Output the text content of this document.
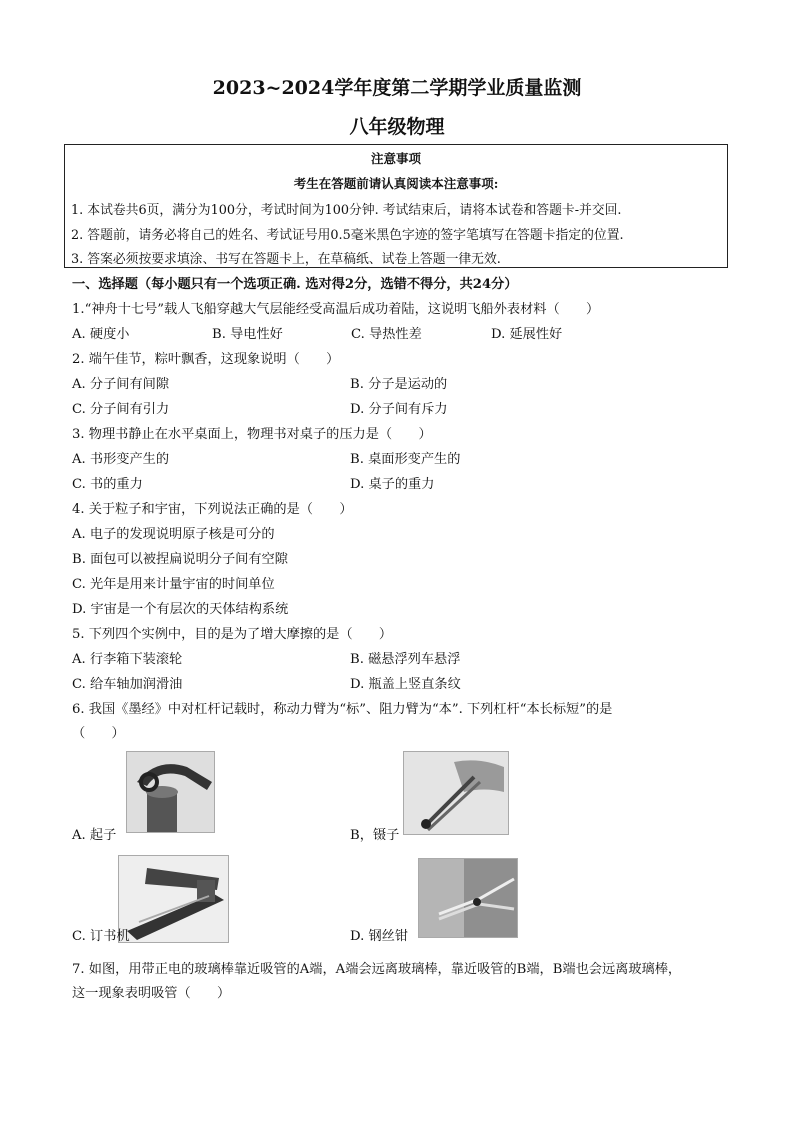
2023~2024学年度第二学期学业质量监测
八年级物理
注意事项
考生在答题前请认真阅读本注意事项:
1. 本试卷共6页，满分为100分，考试时间为100分钟. 考试结束后，请将本试卷和答题卡-并交回.
2. 答题前，请务必将自己的姓名、考试证号用0.5毫米黑色字迹的签字笔填写在答题卡指定的位置.
3. 答案必须按要求填涂、书写在答题卡上，在草稿纸、试卷上答题一律无效.
一、选择题（每小题只有一个选项正确. 选对得2分，选错不得分，共24分）
1.“神舟十七号”载人飞船穿越大气层能经受高温后成功着陆，这说明飞船外表材料（　　）
A. 硬度小	B. 导电性好	C. 导热性差	D. 延展性好
2. 端午佳节，粽叶飘香，这现象说明（　　）
A. 分子间有间隙	B. 分子是运动的
C. 分子间有引力	D. 分子间有斥力
3. 物理书静止在水平桌面上，物理书对桌子的压力是（　　）
A. 书形变产生的	B. 桌面形变产生的
C. 书的重力	D. 桌子的重力
4. 关于粒子和宇宙，下列说法正确的是（　　）
A. 电子的发现说明原子核是可分的
B. 面包可以被捏扁说明分子间有空隙
C. 光年是用来计量宇宙的时间单位
D. 宇宙是一个有层次的天体结构系统
5. 下列四个实例中，目的是为了增大摩擦的是（　　）
A. 行李箱下装滚轮	B. 磁悬浮列车悬浮
C. 给车轴加润滑油	D. 瓶盖上竖直条纹
6. 我国《墨经》中对杠杆记载时，称动力臂为“标”、阻力臂为“本”. 下列杠杆“本长标短”的是
（　　）
A. 起子	B，镊子
C. 订书机	D. 钢丝钳
7. 如图，用带正电的玻璃棒靠近吸管的A端，A端会远离玻璃棒，靠近吸管的B端，B端也会远离玻璃棒，
这一现象表明吸管（　　）
